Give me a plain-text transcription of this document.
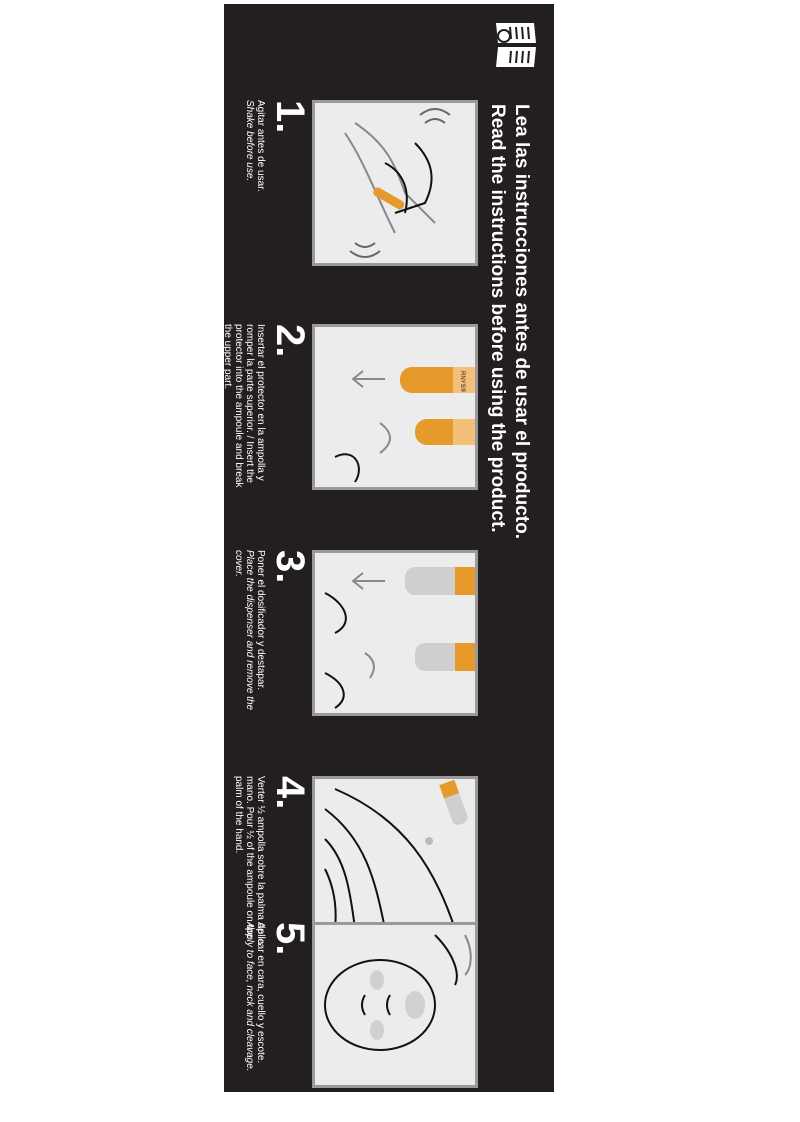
Lea las instrucciones antes de usar el producto.
Read the instructions before using the product.
1.
Agitar antes de usar.
Shake before use.
RNYS®
2.
Insertar el protector en la ampolla y romper la parte superior. / Insert the protector into the ampoule and break the upper part.
3.
Poner el dosificador y destapar.
Place the dispenser and remove the cover.
4.
Verter ½ ampolla sobre la palma de la mano. Pour ½ of the ampoule on the palm of the hand.
5.
Aplicar en cara, cuello y escote.
Apply to face, neck and cleavage.
